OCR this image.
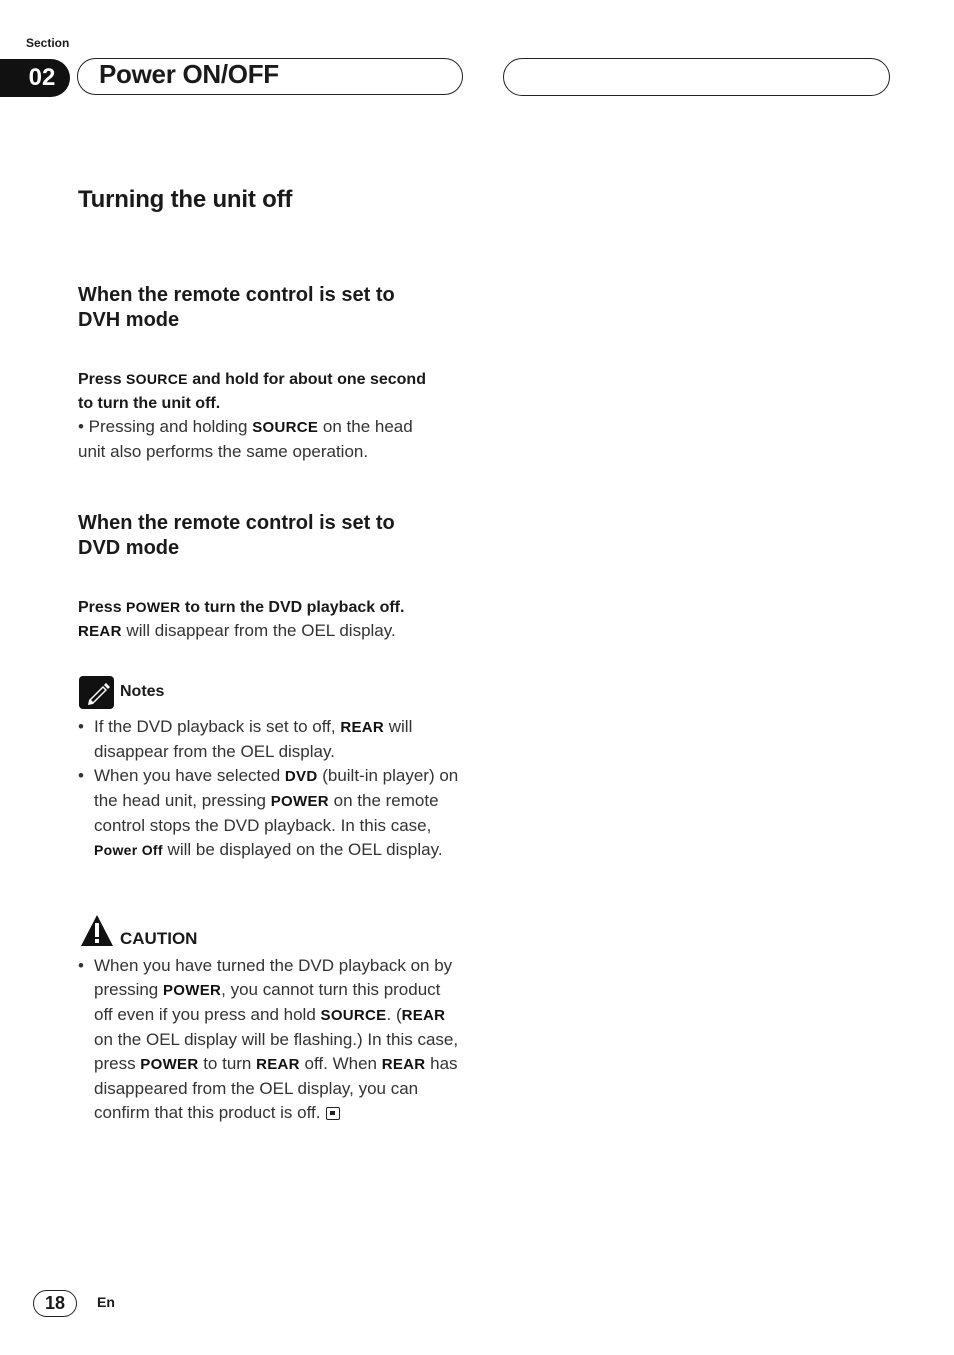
Section
02	Power ON/OFF
Turning the unit off
When the remote control is set to
DVH mode
Press SOURCE and hold for about one second
to turn the unit off.
• Pressing and holding SOURCE on the head
unit also performs the same operation.
When the remote control is set to
DVD mode
Press POWER to turn the DVD playback off.
REAR will disappear from the OEL display.
Notes
• If the DVD playback is set to off, REAR will disappear from the OEL display.
• When you have selected DVD (built-in player) on the head unit, pressing POWER on the remote control stops the DVD playback. In this case, Power Off will be displayed on the OEL display.
CAUTION
• When you have turned the DVD playback on by pressing POWER, you cannot turn this product off even if you press and hold SOURCE. (REAR on the OEL display will be flashing.) In this case, press POWER to turn REAR off. When REAR has disappeared from the OEL display, you can confirm that this product is off.
18	En
